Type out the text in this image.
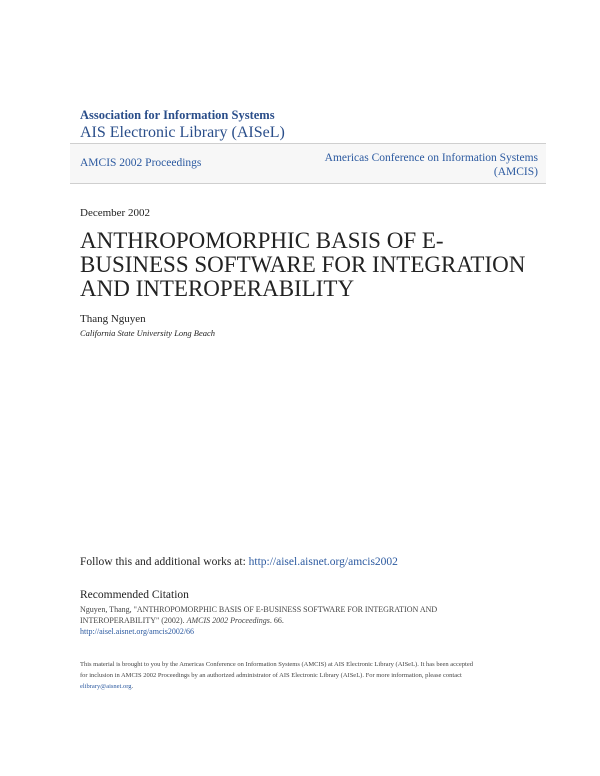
Association for Information Systems
AIS Electronic Library (AISeL)
AMCIS 2002 Proceedings	Americas Conference on Information Systems
(AMCIS)
December 2002
ANTHROPOMORPHIC BASIS OF E-
BUSINESS SOFTWARE FOR INTEGRATION
AND INTEROPERABILITY
Thang Nguyen
California State University Long Beach
Follow this and additional works at: http://aisel.aisnet.org/amcis2002
Recommended Citation
Nguyen, Thang, "ANTHROPOMORPHIC BASIS OF E-BUSINESS SOFTWARE FOR INTEGRATION AND
INTEROPERABILITY" (2002). AMCIS 2002 Proceedings. 66.
http://aisel.aisnet.org/amcis2002/66
This material is brought to you by the Americas Conference on Information Systems (AMCIS) at AIS Electronic Library (AISeL). It has been accepted
for inclusion in AMCIS 2002 Proceedings by an authorized administrator of AIS Electronic Library (AISeL). For more information, please contact
elibrary@aisnet.org.
